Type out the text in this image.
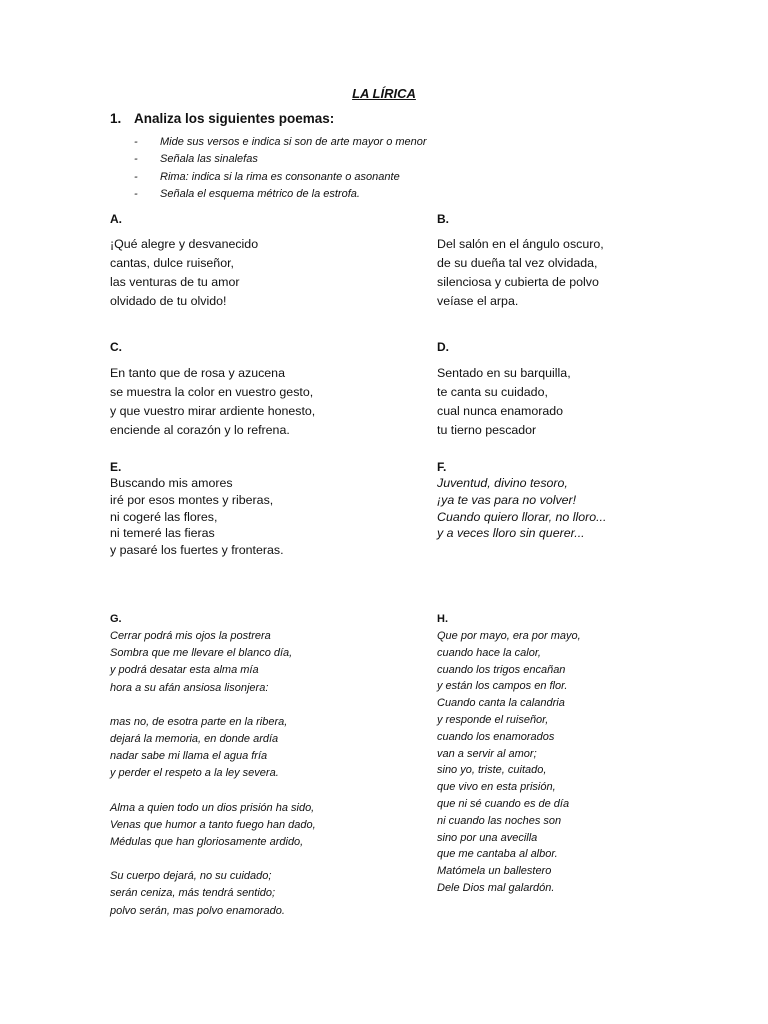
LA LÍRICA
1. Analiza los siguientes poemas:
- Mide sus versos e indica si son de arte mayor o menor
- Señala las sinalefas
- Rima: indica si la rima es consonante o asonante
- Señala el esquema métrico de la estrofa.
A.
¡Qué alegre y desvanecido
cantas, dulce ruiseñor,
las venturas de tu amor
olvidado de tu olvido!
B.
Del salón en el ángulo oscuro,
de su dueña tal vez olvidada,
silenciosa y cubierta de polvo
veíase el arpa.
C.
En tanto que de rosa y azucena
se muestra la color en vuestro gesto,
y que vuestro mirar ardiente honesto,
enciende al corazón y lo refrena.
D.
Sentado en su barquilla,
te canta su cuidado,
cual nunca enamorado
tu tierno pescador
E.
Buscando mis amores
iré por esos montes y riberas,
ni cogeré las flores,
ni temeré las fieras
y pasaré los fuertes y fronteras.
F.
Juventud, divino tesoro,
¡ya te vas para no volver!
Cuando quiero llorar, no lloro...
y a veces lloro sin querer...
G.
Cerrar podrá mis ojos la postrera
Sombra que me llevare el blanco día,
y podrá desatar esta alma mía
hora a su afán ansiosa lisonjera:
mas no, de esotra parte en la ribera,
dejará la memoria, en donde ardía
nadar sabe mi llama el agua fría
y perder el respeto a la ley severa.
Alma a quien todo un dios prisión ha sido,
Venas que humor a tanto fuego han dado,
Médulas que han gloriosamente ardido,
Su cuerpo dejará, no su cuidado;
serán ceniza, más tendrá sentido;
polvo serán, mas polvo enamorado.
H.
Que por mayo, era por mayo,
cuando hace la calor,
cuando los trigos encañan
y están los campos en flor.
Cuando canta la calandria
y responde el ruiseñor,
cuando los enamorados
van a servir al amor;
sino yo, triste, cuitado,
que vivo en esta prisión,
que ni sé cuando es de día
ni cuando las noches son
sino por una avecilla
que me cantaba al albor.
Matómela un ballestero
Dele Dios mal galardón.
